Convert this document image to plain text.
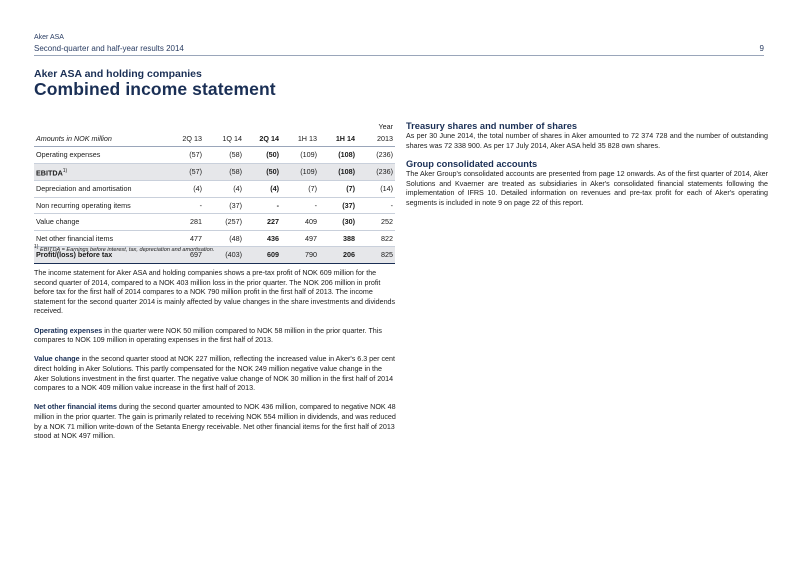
Aker ASA
Second-quarter and half-year results 2014	9
Aker ASA and holding companies
Combined income statement
						Year
Amounts in NOK million	2Q 13	1Q 14	2Q 14	1H 13	1H 14	2013
Operating expenses	(57)	(58)	(50)	(109)	(108)	(236)
EBITDA$^{1)}$	(57)	(58)	(50)	(109)	(108)	(236)
Depreciation and amortisation	(4)	(4)	(4)	(7)	(7)	(14)
Non recurring operating items	-	(37)	-	-	(37)	-
Value change	281	(257)	227	409	(30)	252
Net other financial items	477	(48)	436	497	388	822
Profit/(loss) before tax	697	(403)	609	790	206	825
$^{1)}$ EBITDA = Earnings before interest, tax, depreciation and amortisation.

The income statement for Aker ASA and holding companies shows a pre-tax profit of NOK 609 million for the second quarter of 2014, compared to a NOK 403 million loss in the prior quarter. The NOK 206 million in profit before tax for the first half of 2014 compares to a NOK 790 million profit in the first half of 2013. The income statement for the second quarter 2014 is mainly affected by value changes in the share investments and dividends received.

Operating expenses in the quarter were NOK 50 million compared to NOK 58 million in the prior quarter. This compares to NOK 109 million in operating expenses in the first half of 2013.

Value change in the second quarter stood at NOK 227 million, reflecting the increased value in Aker's 6.3 per cent direct holding in Aker Solutions. This partly compensated for the NOK 249 million negative value change in the Aker Solutions investment in the first quarter. The negative value change of NOK 30 million in the first half of 2014 compares to a NOK 409 million value increase in the first half of 2013.

Net other financial items during the second quarter amounted to NOK 436 million, compared to negative NOK 48 million in the prior quarter. The gain is primarily related to receiving NOK 554 million in dividends, and was reduced by a NOK 71 million write-down of the Setanta Energy receivable. Net other financial items for the first half of 2013 stood at NOK 497 million.

Treasury shares and number of shares

As per 30 June 2014, the total number of shares in Aker amounted to 72 374 728 and the number of outstanding shares was 72 338 900. As per 17 July 2014, Aker ASA held 35 828 own shares.

Group consolidated accounts

The Aker Group's consolidated accounts are presented from page 12 onwards. As of the first quarter of 2014, Aker Solutions and Kvaerner are treated as subsidiaries in Aker's consolidated financial statements following the implementation of IFRS 10. Detailed information on revenues and pre-tax profit for each of Aker's operating segments is included in note 9 on page 22 of this report.
